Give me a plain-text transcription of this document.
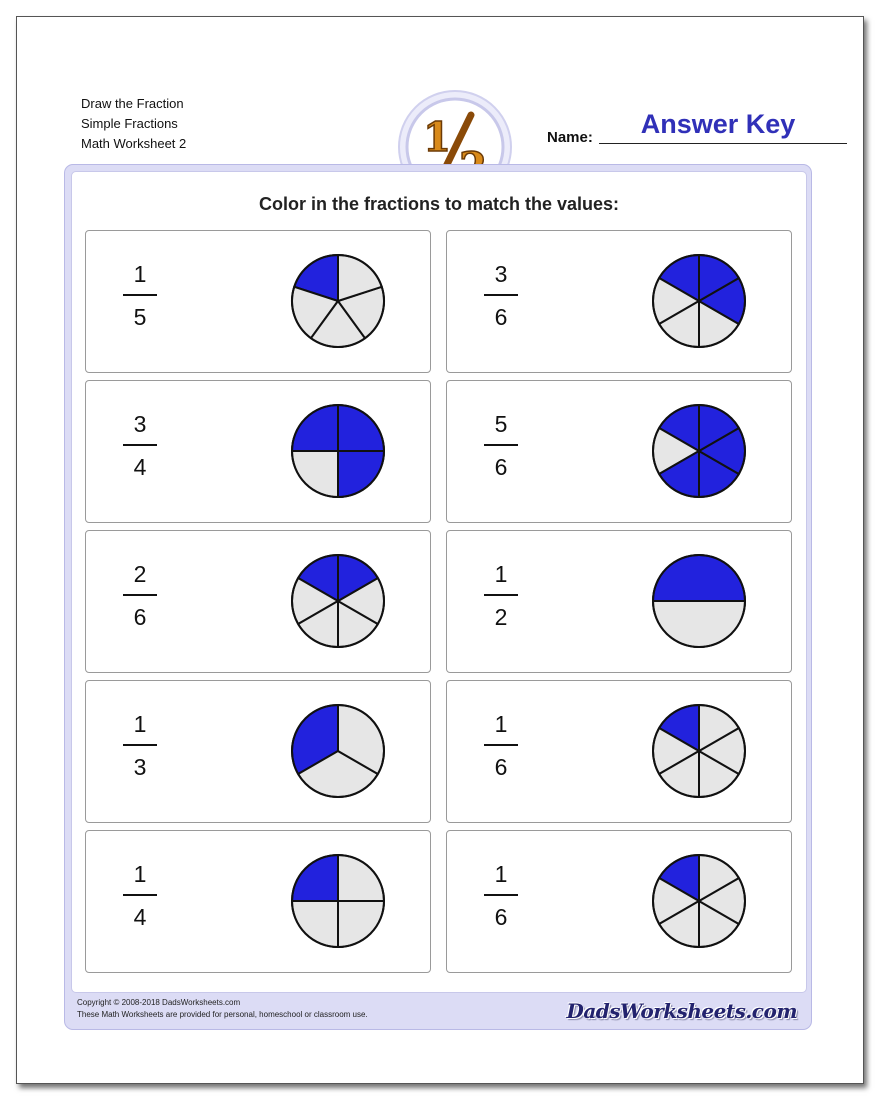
Draw the Fraction
Simple Fractions
Math Worksheet 2	1	Name:	Answer Key
Color in the fractions to match the values:
1
5
3
6
3
4
5
6
2
6
1
2
1
3
1
6
1
4
1
6
Copyright © 2008-2018 DadsWorksheets.com
These Math Worksheets are provided for personal, homeschool or classroom use.	DadsWorksheets.com
